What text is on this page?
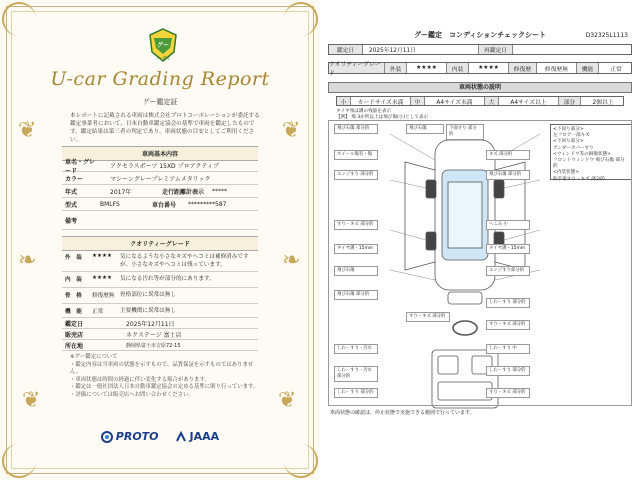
❦	❦
❧	❧
❦	❦
グー
グー鑑定
U-car Grading Report
グー鑑定証
本レポートに記載される車両は株式会社プロトコーポレーションが委託する鑑定事業者において、日本自動車鑑定協会の基準で車両を鑑定したものです。鑑定結果は第三者の判定であり、車両状態の目安としてご利用ください。
車両基本内容
車名・グレード
アクセラスポーツ 15XD プロアクティブ
カラー	マシーングレープレミアムメタリック
年式	2017年	走行距離計表示	*****
型式	BMLFS	車台番号	*********587
備考
クオリティーグレード
外　装	★★★★	気になるような小さなキズやヘコミは補修済みですが、小さなキズやヘコミは残っています。
内　装	★★★★	気になる汚れ等が部分的にあります。
骨　格	修復歴無	骨格部位に異常は無し
機　能	正常	主要機関に異常は無し
鑑定日	2025年12月11日
販売店	ネクステージ 富士店
所在地	静岡県富士市吉原72-15
※グー鑑定について
・鑑定内容は当車両の状態を示すもので、品質保証を示すものではありません。
・車両状態は時間の経過に伴い変化する場合があります。
・鑑定は一般社団法人日本自動車鑑定協会の定める基準に則り行っています。
・評価については販売店へお問い合わせください。
PROTO	JAAA
グー鑑定　コンディションチェックシート	D32325L1113
鑑定日	2025年12月11日	再鑑定日
クオリティーグレード
外装	★★★★	内装	★★★★	修復歴	修復歴無	機能	正常
車両状態の説明
小	カードサイズ未満	中	A4サイズ未満	大	A4サイズ以上	部分	2個以上
タイヤ残は溝の残量を表示
【例】 飛 3か所以上は飛び傷(小)として表示
飛び石傷 部分的
ホイール傷有・傷
エッジすり 部分的
すり・キズ 部分的
タイヤ溝・15mm
飛び石傷
飛び石傷 部分的
しわ・すり・汚れ
しわ・すり・汚れ 部分的
しわ・すり 部分的
飛び石傷	下面すり 部分的
すり・キズ 部分的
キズ 部分的
飛び石傷 部分的
へこみ 小
タイヤ溝・15mm
エッジすり部分的
すり・キズ 部分的
しわ・すり 中
しわ・すり 部分的
すり・キズ 部分的
しわ・すり 部分的
<下回り部分>
左フロア一部キズ
<下回り部分>
アンダーカバーすり
<ウィンドウ等の損傷状態>
フロントウィンドウ 飛び石傷 部分的
<内装状態>
助手席すり・キズ 部分的
車両状態の確認は、停止状態で実施できる範囲で行っています。
